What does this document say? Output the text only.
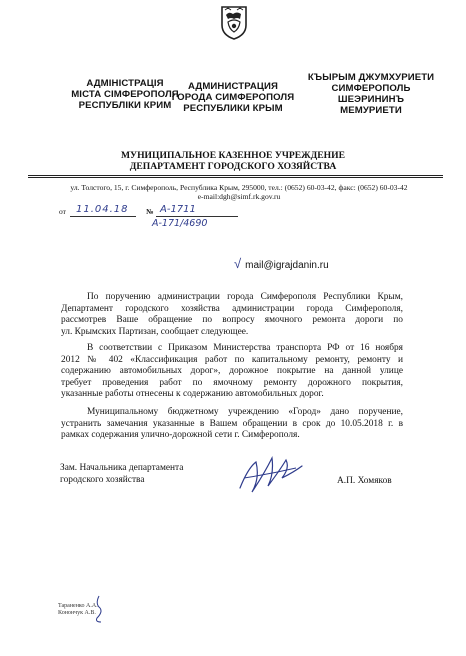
АДМІНІСТРАЦІЯ
МІСТА СІМФЕРОПОЛЯ
РЕСПУБЛІКИ КРИМ
АДМИНИСТРАЦИЯ
ГОРОДА СИМФЕРОПОЛЯ
РЕСПУБЛИКИ КРЫМ
КЪЫРЫМ ДЖУМХУРИЕТИ
СИМФЕРОПОЛЬ
ШЕЭРИНИНЪ
МЕМУРИЕТИ
МУНИЦИПАЛЬНОЕ КАЗЕННОЕ УЧРЕЖДЕНИЕ
ДЕПАРТАМЕНТ ГОРОДСКОГО ХОЗЯЙСТВА
ул. Толстого, 15, г. Симферополь, Республика Крым, 295000, тел.: (0652) 60-03-42, факс: (0652) 60-03-42
e-mail:dgh@simf.rk.gov.ru
от 11.04.18 № А-1711
А-171/4690
√ mail@igrajdanin.ru
По поручению администрации города Симферополя Республики Крым,
Департамент городского хозяйства администрации города Симферополя,
рассмотрев Ваше обращение по вопросу ямочного ремонта дороги по
ул. Крымских Партизан, сообщает следующее.
В соответствии с Приказом Министерства транспорта РФ от 16 ноября
2012 № 402 «Классификация работ по капитальному ремонту, ремонту и
содержанию автомобильных дорог», дорожное покрытие на данной улице
требует проведения работ по ямочному ремонту дорожного покрытия,
указанные работы отнесены к содержанию автомобильных дорог.
Муниципальному бюджетному учреждению «Город» дано поручение,
устранить замечания указанные в Вашем обращении в срок до 10.05.2018 г. в
рамках содержания улично-дорожной сети г. Симферополя.
Зам. Начальника департамента
городского хозяйства	А.П. Хомяков
Тараненко А.А.
Конончук А.В.
